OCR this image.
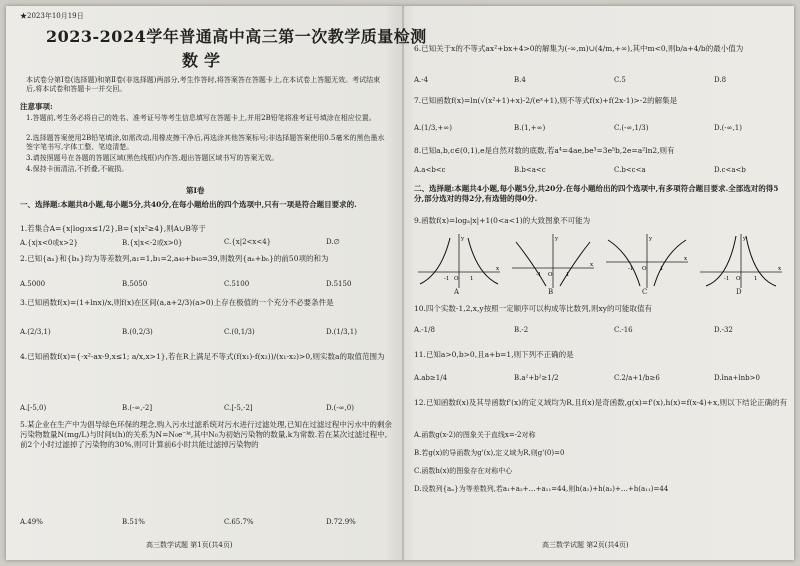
★2023年10月19日
2023-2024学年普通高中高三第一次教学质量检测
数学
本试卷分第Ⅰ卷(选择题)和第Ⅱ卷(非选择题)两部分,考生作答时,将答案答在答题卡上,在本试卷上答题无效。考试结束后,将本试卷和答题卡一并交回。
注意事项:
1.答题前,考生务必将自己的姓名、准考证号等考生信息填写在答题卡上,并用2B铅笔将准考证号填涂在相应位置。
2.选择题答案使用2B铅笔填涂,如需改动,用橡皮擦干净后,再选涂其他答案标号;非选择题答案使用0.5毫米的黑色墨水签字笔书写,字体工整、笔迹清楚。
3.请按照题号在各题的答题区域(黑色线框)内作答,超出答题区域书写的答案无效。
4.保持卡面清洁,不折叠,不破损。
第Ⅰ卷
一、选择题:本题共8小题,每小题5分,共40分,在每小题给出的四个选项中,只有一项是符合题目要求的.
1.若集合A={x|log₃x≤1/2},B={x|x²≥4},则A∪B等于
A.{x|x<0或x>2}	B.{x|x<-2或x>0}	C.{x|2<x<4}	D.∅
2.已知{aₙ}和{bₙ}均为等差数列,a₁=1,b₁=2,a₄₀+b₄₀=39,则数列{aₙ+bₙ}的前50项的和为
A.5000	B.5050	C.5100	D.5150
3.已知函数f(x)=(1+lnx)/x,则f(x)在区间(a,a+2/3)(a>0)上存在极值的一个充分不必要条件是
A.(2/3,1)	B.(0,2/3)	C.(0,1/3)	D.(1/3,1)
4.已知函数f(x)={-x²-ax-9,x≤1; a/x,x>1},若在R上满足不等式(f(x₁)-f(x₂))/(x₁-x₂)>0,则实数a的取值范围为
A.[-5,0)	B.(-∞,-2]	C.[-5,-2]	D.(-∞,0)
5.某企业在生产中为倡导绿色环保的理念,购入污水过滤系统对污水进行过滤处理,已知在过滤过程中污水中的剩余污染物数量N(mg/L)与时间t(h)的关系为N=N₀e⁻ᵏᵗ,其中N₀为初始污染物的数量,k为常数.若在某次过滤过程中,前2个小时过滤掉了污染物的30%,则可计算前6小时共能过滤掉污染物的
A.49%	B.51%	C.65.7%	D.72.9%
高三数学试题 第1页(共4页)
6.已知关于x的不等式ax²+bx+4>0的解集为(-∞,m)∪(4/m,+∞),其中m<0,则b/a+4/b的最小值为
A.-4	B.4	C.5	D.8
7.已知函数f(x)=ln(√(x²+1)+x)-2/(eˣ+1),则不等式f(x)+f(2x-1)>-2的解集是
A.(1/3,+∞)	B.(1,+∞)	C.(-∞,1/3)	D.(-∞,1)
8.已知a,b,c∈(0,1),e是自然对数的底数,若a⁴=4ae,be³=3e⁵b,2e=a²ln2,则有
A.a<b<c	B.b<a<c	C.b<c<a	D.c<a<b
二、选择题:本题共4小题,每小题5分,共20分.在每小题给出的四个选项中,有多项符合题目要求.全部选对的得5分,部分选对的得2分,有选错的得0分.
9.函数f(x)=logₐ|x|+1(0<a<1)的大致图象不可能为
-1 O 1
x
y
A
-1 O 1
x
y
B
-1 O 1
x
y
C
-1 O 1
x
y
D
10.四个实数-1,2,x,y按照一定顺序可以构成等比数列,则xy的可能取值有
A.-1/8	B.-2	C.-16	D.-32
11.已知a>0,b>0,且a+b=1,则下列不正确的是
A.ab≥1/4	B.a²+b²≥1/2	C.2/a+1/b≥6	D.lna+lnb>0
12.已知函数f(x)及其导函数f'(x)的定义域均为R,且f(x)是奇函数,g(x)=f'(x),h(x)=f(x-4)+x,则以下结论正确的有
A.函数g(x-2)的图象关于直线x=-2对称
B.若g(x)的导函数为g'(x),定义域为R,则g'(0)=0
C.函数h(x)的图象存在对称中心
D.设数列{aₙ}为等差数列,若a₁+a₂+…+a₁₁=44,则h(a₁)+h(a₂)+…+h(a₁₁)=44
高三数学试题 第2页(共4页)
